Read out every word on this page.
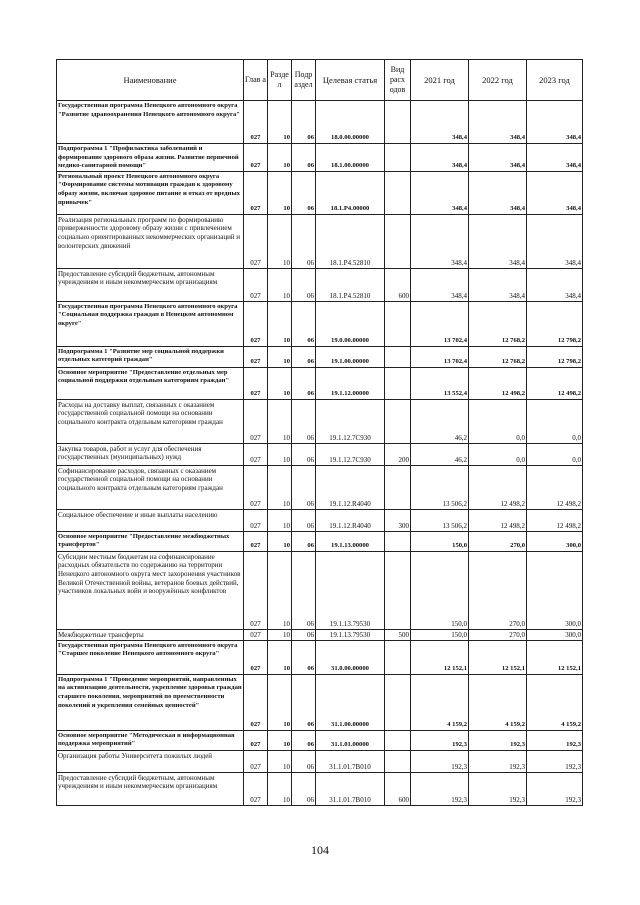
Наименование	Глав а	Разде л	Подр аздел	Целевая статья	Вид расх одов	2021 год	2022 год	2023 год
Государственная программа Ненецкого автономного округа "Развитие здравоохранения Ненецкого автономного округа"	027	10	06	18.0.00.00000		348,4	348,4	348,4
Подпрограмма 1 "Профилактика заболеваний и формирование здорового образа жизни. Развитие первичной медико-санитарной помощи"	027	10	06	18.1.00.00000		348,4	348,4	348,4
Региональный проект Ненецкого автономного округа "Формирование системы мотивации граждан к здоровому образу жизни, включая здоровое питание и отказ от вредных привычек"	027	10	06	18.1.P4.00000		348,4	348,4	348,4
Реализация региональных программ по формированию приверженности здоровому образу жизни с привлечением социально ориентированных некоммерческих организаций и волонтерских движений	027	10	06	18.1.P4.52810		348,4	348,4	348,4
Предоставление субсидий бюджетным, автономным учреждениям и иным некоммерческим организациям	027	10	06	18.1.P4.52810	600	348,4	348,4	348,4
Государственная программа Ненецкого автономного округа "Социальная поддержка граждан в Ненецком автономном округе"	027	10	06	19.0.00.00000		13 702,4	12 768,2	12 798,2
Подпрограмма 1 "Развитие мер социальной поддержки отдельных категорий граждан"	027	10	06	19.1.00.00000		13 702,4	12 768,2	12 798,2
Основное мероприятие "Предоставление отдельных мер социальной поддержки отдельным категориям граждан"	027	10	06	19.1.12.00000		13 552,4	12 498,2	12 498,2
Расходы на доставку выплат, связанных с оказанием государственной социальной помощи на основании социального контракта отдельным категориям граждан	027	10	06	19.1.12.7C930		46,2	0,0	0,0
Закупка товаров, работ и услуг для обеспечения государственных (муниципальных) нужд	027	10	06	19.1.12.7C930	200	46,2	0,0	0,0
Софинансирование расходов, связанных с оказанием государственной социальной помощи на основании социального контракта отдельным категориям граждан	027	10	06	19.1.12.R4040		13 506,2	12 498,2	12 498,2
Социальное обеспечение и иные выплаты населению	027	10	06	19.1.12.R4040	300	13 506,2	12 498,2	12 498,2
Основное мероприятие "Предоставление межбюджетных трансфертов"	027	10	06	19.1.13.00000		150,0	270,0	300,0
Субсидии местным бюджетам на софинансирование расходных обязательств по содержанию на территории Ненецкого автономного округа мест захоронения участников Великой Отечественной войны, ветеранов боевых действий, участников локальных войн и вооружённых конфликтов	027	10	06	19.1.13.79530		150,0	270,0	300,0
Межбюджетные трансферты	027	10	06	19.1.13.79530	500	150,0	270,0	300,0
Государственная программа Ненецкого автономного округа "Старшее поколение Ненецкого автономного округа"	027	10	06	31.0.00.00000		12 152,1	12 152,1	12 152,1
Подпрограмма 1 "Проведение мероприятий, направленных на активизацию деятельности, укрепление здоровья граждан старшего поколения, мероприятий по преемственности поколений и укрепления семейных ценностей"	027	10	06	31.1.00.00000		4 159,2	4 159,2	4 159,2
Основное мероприятие "Методическая и информационная поддержка мероприятий"	027	10	06	31.1.01.00000		192,3	192,3	192,3
Организация работы Университета пожилых людей	027	10	06	31.1.01.7B010		192,3	192,3	192,3
Предоставление субсидий бюджетным, автономным учреждениям и иным некоммерческим организациям	027	10	06	31.1.01.7B010	600	192,3	192,3	192,3
104
